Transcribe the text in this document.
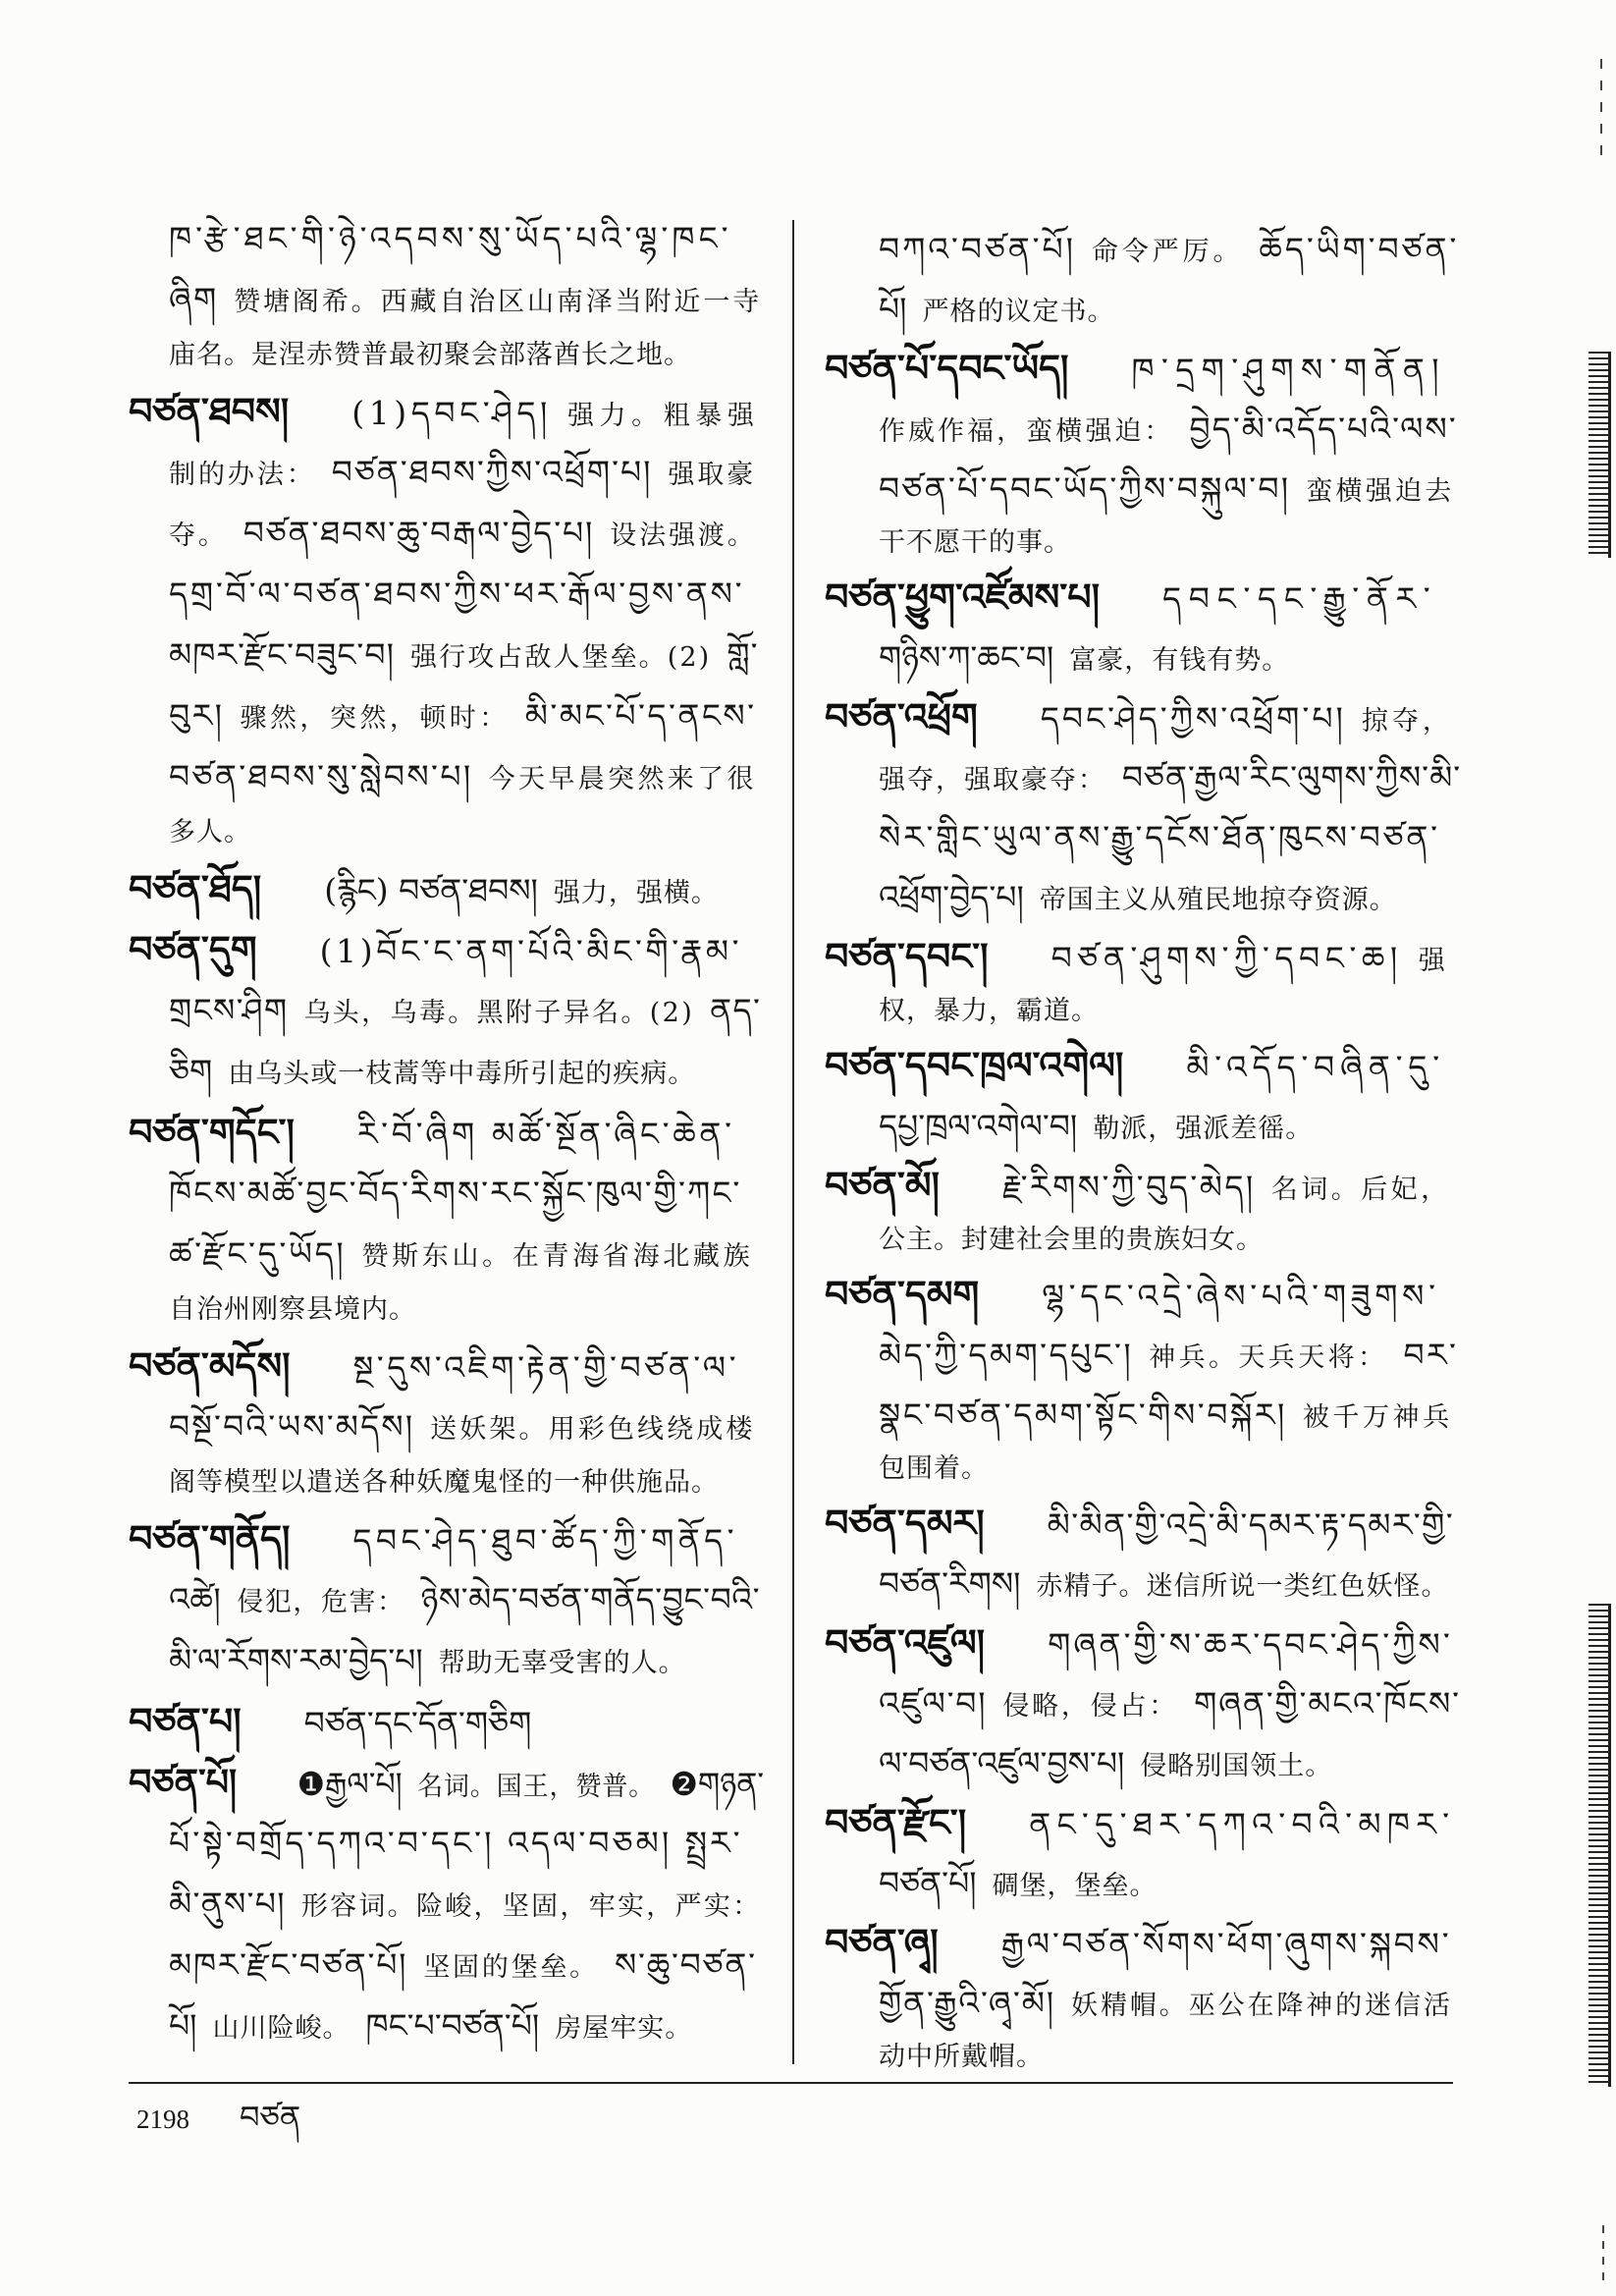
ཁ་རྩེ་ཐང་གི་ཉེ་འདབས་སུ་ཡོད་པའི་ལྷ་ཁང་
ཞིག 赞塘阁希。西藏自治区山南泽当附近一寺
庙名。是涅赤赞普最初聚会部落酋长之地。
བཙན་ཐབས། (1)དབང་ཤེད། 强力。粗暴强
制的办法： བཙན་ཐབས་ཀྱིས་འཕྲོག་པ། 强取豪
夺。 བཙན་ཐབས་ཆུ་བརྒལ་བྱེད་པ། 设法强渡。
དགྲ་བོ་ལ་བཙན་ཐབས་ཀྱིས་ཕར་རྒོལ་བྱས་ནས་
མཁར་རྫོང་བཟུང་བ། 强行攻占敌人堡垒。(2) གློ་
བུར། 骤然，突然，顿时： མི་མང་པོ་ད་ནངས་
བཙན་ཐབས་སུ་སླེབས་པ། 今天早晨突然来了很
多人。
བཙན་ཐོད། (རྙིང) བཙན་ཐབས། 强力，强横。
བཙན་དུག (1)བོང་ང་ནག་པོའི་མིང་གི་རྣམ་
གྲངས་ཤིག 乌头，乌毒。黑附子异名。(2) ནད་
ཅིག 由乌头或一枝蒿等中毒所引起的疾病。
བཙན་གདོང་། རི་བོ་ཞིག མཚོ་སྔོན་ཞིང་ཆེན་
ཁོངས་མཚོ་བྱང་བོད་རིགས་རང་སྐྱོང་ཁུལ་གྱི་ཀང་
ཚ་རྫོང་དུ་ཡོད། 赞斯东山。在青海省海北藏族
自治州刚察县境内。
བཙན་མདོས། སྔ་དུས་འཇིག་རྟེན་གྱི་བཙན་ལ་
བསྔོ་བའི་ཡས་མདོས། 送妖架。用彩色线绕成楼
阁等模型以遣送各种妖魔鬼怪的一种供施品。
བཙན་གནོད། དབང་ཤེད་ཐུབ་ཚོད་ཀྱི་གནོད་
འཚེ། 侵犯，危害： ཉེས་མེད་བཙན་གནོད་བྱུང་བའི་
མི་ལ་རོགས་རམ་བྱེད་པ། 帮助无辜受害的人。
བཙན་པ། བཙན་དང་དོན་གཅིག
བཙན་པོ། ❶རྒྱལ་པོ། 名词。国王，赞普。 ❷གཉན་
པོ་སྟེ་བགྲོད་དཀའ་བ་དང་། འདལ་བཅམ། སྤྲར་
མི་ནུས་པ། 形容词。险峻，坚固，牢实，严实：
མཁར་རྫོང་བཙན་པོ། 坚固的堡垒。 ས་ཆུ་བཙན་
པོ། 山川险峻。 ཁང་པ་བཙན་པོ། 房屋牢实。
བཀའ་བཙན་པོ། 命令严厉。 ཆོད་ཡིག་བཙན་
པོ། 严格的议定书。
བཙན་པོ་དབང་ཡོད། ཁ་དྲག་ཤུགས་གནོན།
作威作福，蛮横强迫： བྱེད་མི་འདོད་པའི་ལས་
བཙན་པོ་དབང་ཡོད་ཀྱིས་བསྐུལ་བ། 蛮横强迫去
干不愿干的事。
བཙན་ཕྱུག་འཛོམས་པ། དབང་དང་རྒྱུ་ནོར་
གཉིས་ཀ་ཆང་བ། 富豪，有钱有势。
བཙན་འཕྲོག དབང་ཤེད་ཀྱིས་འཕྲོག་པ། 掠夺，
强夺，强取豪夺： བཙན་རྒྱལ་རིང་ལུགས་ཀྱིས་མི་
སེར་གླིང་ཡུལ་ནས་རྒྱུ་དངོས་ཐོན་ཁུངས་བཙན་
འཕྲོག་བྱེད་པ། 帝国主义从殖民地掠夺资源。
བཙན་དབང་། བཙན་ཤུགས་ཀྱི་དབང་ཆ། 强
权，暴力，霸道。
བཙན་དབང་ཁྲལ་འགེལ། མི་འདོད་བཞིན་དུ་
དཔྱ་ཁྲལ་འགེལ་བ། 勒派，强派差徭。
བཙན་མོ། རྗེ་རིགས་ཀྱི་བུད་མེད། 名词。后妃，
公主。封建社会里的贵族妇女。
བཙན་དམག ལྷ་དང་འདྲེ་ཞེས་པའི་གཟུགས་
མེད་ཀྱི་དམག་དཔུང་། 神兵。天兵天将： བར་
སྣང་བཙན་དམག་སྟོང་གིས་བསྐོར། 被千万神兵
包围着。
བཙན་དམར། མི་མིན་གྱི་འདྲེ་མི་དམར་རྟ་དམར་གྱི་
བཙན་རིགས། 赤精子。迷信所说一类红色妖怪。
བཙན་འཛུལ། གཞན་གྱི་ས་ཆར་དབང་ཤེད་ཀྱིས་
འཛུལ་བ། 侵略，侵占： གཞན་གྱི་མངའ་ཁོངས་
ལ་བཙན་འཛུལ་བྱས་པ། 侵略别国领土。
བཙན་རྫོང་། ནང་དུ་ཐར་དཀའ་བའི་མཁར་
བཙན་པོ། 碉堡，堡垒。
བཙན་ཞྭ། རྒྱལ་བཙན་སོགས་ཕོག་ཞུགས་སྐབས་
གྱོན་རྒྱུའི་ཞྭ་མོ། 妖精帽。巫公在降神的迷信活
动中所戴帽。
2198 བཙན
